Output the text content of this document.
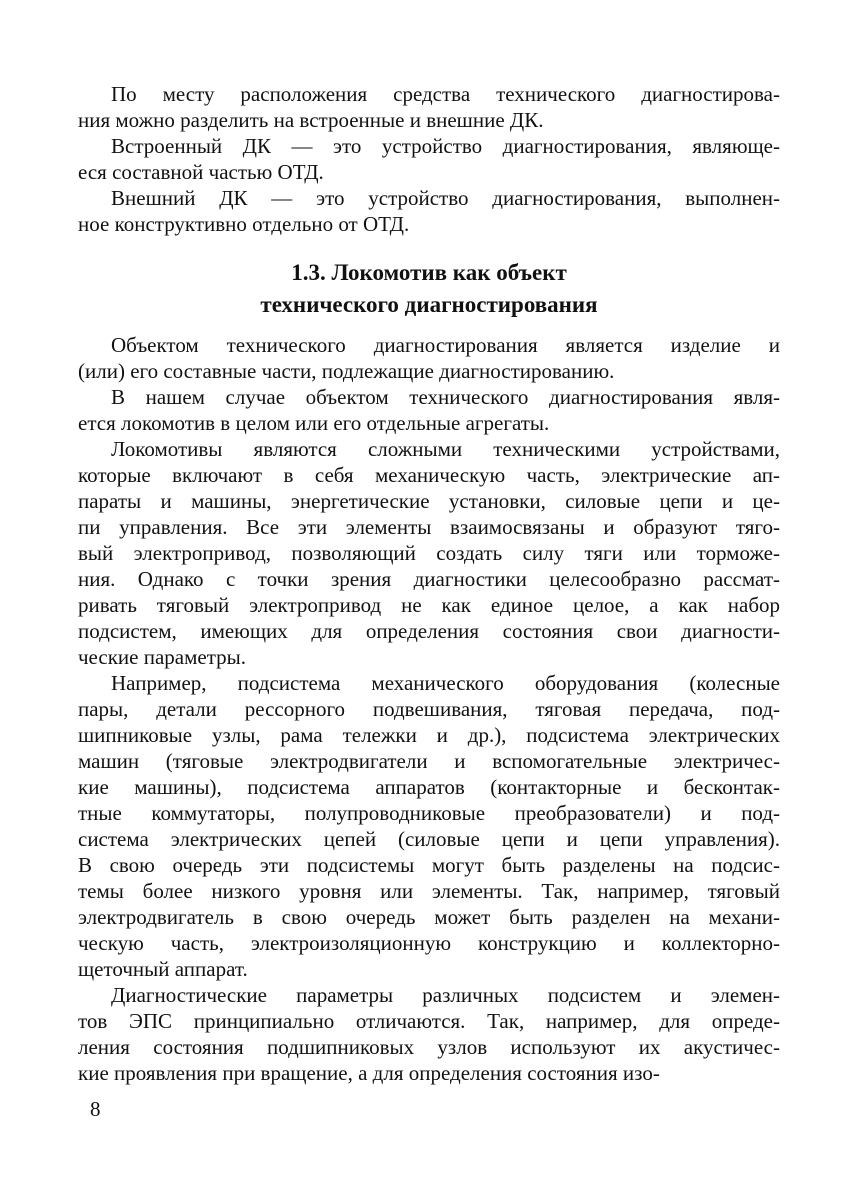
По месту расположения средства технического диагностирова-
ния можно разделить на встроенные и внешние ДК.

Встроенный ДК — это устройство диагностирования, являюще-
еся составной частью ОТД.

Внешний ДК — это устройство диагностирования, выполнен-
ное конструктивно отдельно от ОТД.

1.3. Локомотив как объект
технического диагностирования

Объектом технического диагностирования является изделие и
(или) его составные части, подлежащие диагностированию.

В нашем случае объектом технического диагностирования явля-
ется локомотив в целом или его отдельные агрегаты.

Локомотивы являются сложными техническими устройствами,
которые включают в себя механическую часть, электрические ап-
параты и машины, энергетические установки, силовые цепи и це-
пи управления. Все эти элементы взаимосвязаны и образуют тяго-
вый электропривод, позволяющий создать силу тяги или торможе-
ния. Однако с точки зрения диагностики целесообразно рассмат-
ривать тяговый электропривод не как единое целое, а как набор
подсистем, имеющих для определения состояния свои диагности-
ческие параметры.

Например, подсистема механического оборудования (колесные
пары, детали рессорного подвешивания, тяговая передача, под-
шипниковые узлы, рама тележки и др.), подсистема электрических
машин (тяговые электродвигатели и вспомогательные электричес-
кие машины), подсистема аппаратов (контакторные и бесконтак-
тные коммутаторы, полупроводниковые преобразователи) и под-
система электрических цепей (силовые цепи и цепи управления).
В свою очередь эти подсистемы могут быть разделены на подсис-
темы более низкого уровня или элементы. Так, например, тяговый
электродвигатель в свою очередь может быть разделен на механи-
ческую часть, электроизоляционную конструкцию и коллекторно-
щеточный аппарат.

Диагностические параметры различных подсистем и элемен-
тов ЭПС принципиально отличаются. Так, например, для опреде-
ления состояния подшипниковых узлов используют их акустичес-
кие проявления при вращение, а для определения состояния изо-

8
